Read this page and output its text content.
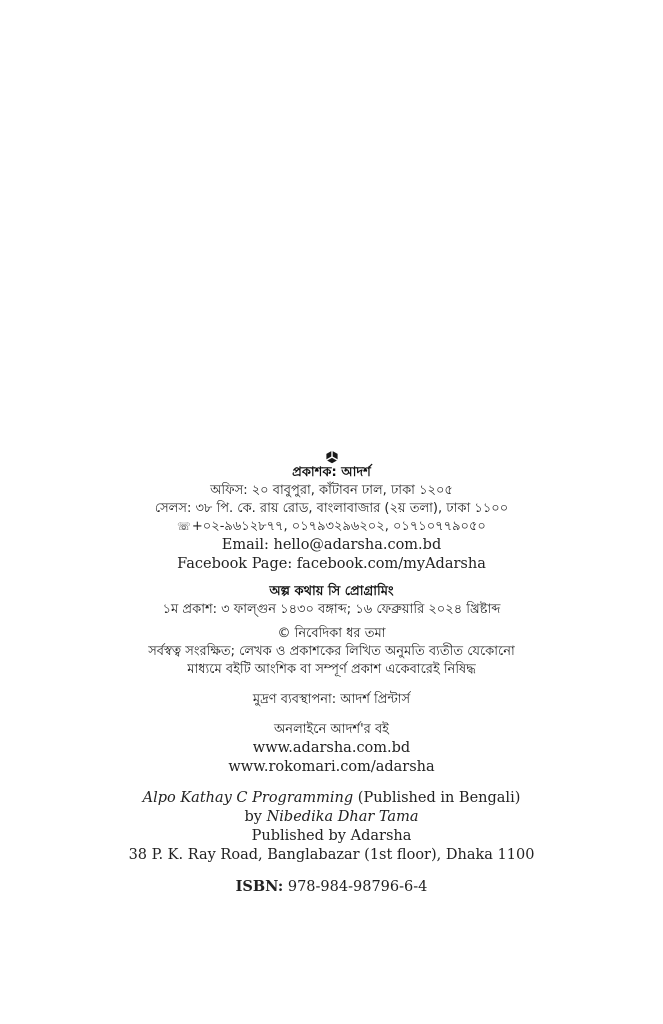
প্রকাশক: আদর্শ
অফিস: ২০ বাবুপুরা, কাঁটাবন ঢাল, ঢাকা ১২০৫
সেলস: ৩৮ পি. কে. রায় রোড, বাংলাবাজার (২য় তলা), ঢাকা ১১০০
☏+০২-৯৬১২৮৭৭, ০১৭৯৩২৯৬২০২, ০১৭১০৭৭৯০৫০
Email: hello@adarsha.com.bd
Facebook Page: facebook.com/myAdarsha
অল্প কথায় সি প্রোগ্রামিং
১ম প্রকাশ: ৩ ফাল্গুন ১৪৩০ বঙ্গাব্দ; ১৬ ফেব্রুয়ারি ২০২৪ খ্রিষ্টাব্দ
© নিবেদিকা ধর তমা
সর্বস্বত্ব সংরক্ষিত; লেখক ও প্রকাশকের লিখিত অনুমতি ব্যতীত যেকোনো
মাধ্যমে বইটি আংশিক বা সম্পূর্ণ প্রকাশ একেবারেই নিষিদ্ধ
মুদ্রণ ব্যবস্থাপনা: আদর্শ প্রিন্টার্স
অনলাইনে আদর্শ'র বই
www.adarsha.com.bd
www.rokomari.com/adarsha
Alpo Kathay C Programming (Published in Bengali)
by Nibedika Dhar Tama
Published by Adarsha
38 P. K. Ray Road, Banglabazar (1st floor), Dhaka 1100
ISBN: 978-984-98796-6-4
